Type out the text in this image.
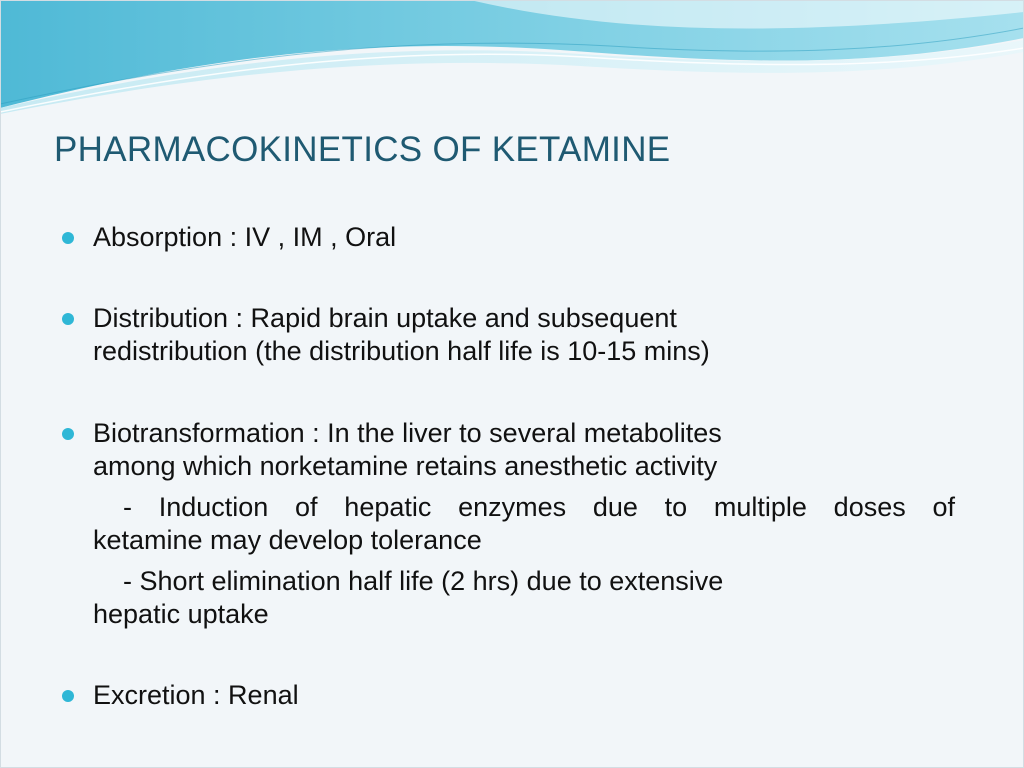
PHARMACOKINETICS OF KETAMINE
Absorption : IV , IM , Oral
Distribution : Rapid brain uptake and subsequent
redistribution (the distribution half life is 10-15 mins)
Biotransformation : In the liver to several metabolites
among which norketamine retains anesthetic activity
- Induction of hepatic enzymes due to multiple doses of
ketamine may develop tolerance
- Short elimination half life (2 hrs) due to extensive
hepatic uptake
Excretion : Renal
